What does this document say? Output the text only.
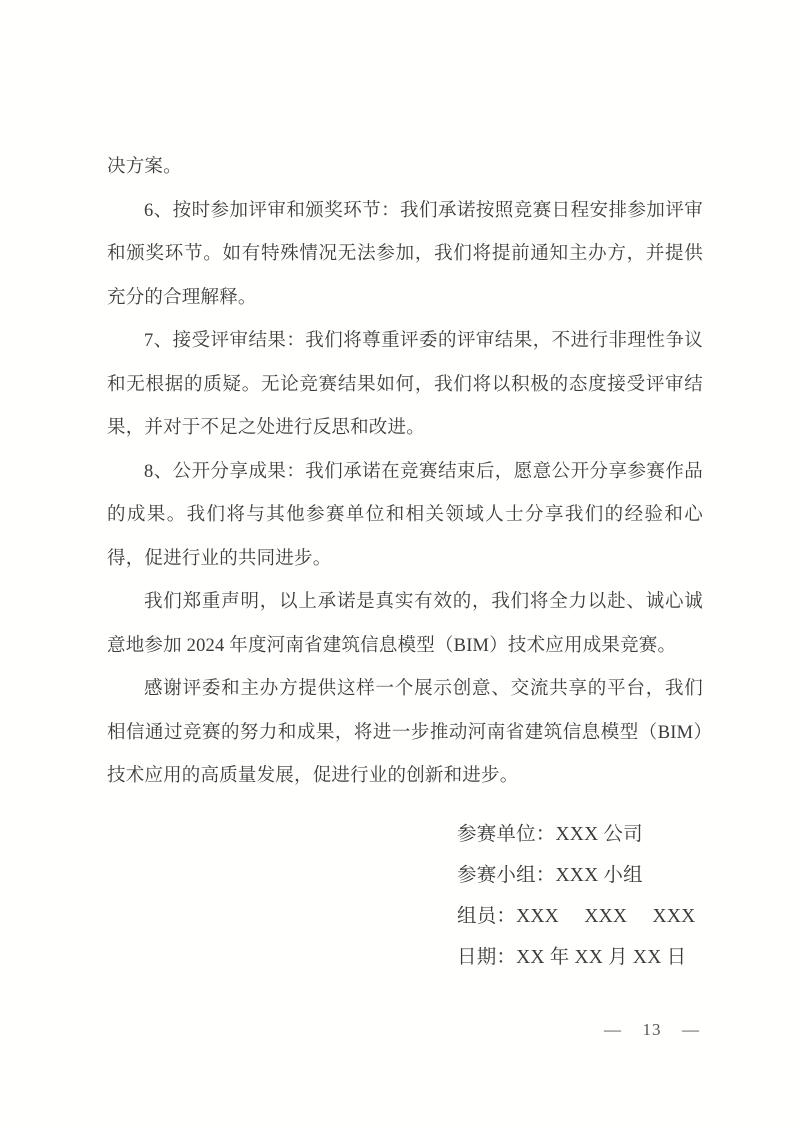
决方案。

6、按时参加评审和颁奖环节：我们承诺按照竞赛日程安排参加评审和颁奖环节。如有特殊情况无法参加，我们将提前通知主办方，并提供充分的合理解释。

7、接受评审结果：我们将尊重评委的评审结果，不进行非理性争议和无根据的质疑。无论竞赛结果如何，我们将以积极的态度接受评审结果，并对于不足之处进行反思和改进。

8、公开分享成果：我们承诺在竞赛结束后，愿意公开分享参赛作品的成果。我们将与其他参赛单位和相关领域人士分享我们的经验和心得，促进行业的共同进步。

我们郑重声明，以上承诺是真实有效的，我们将全力以赴、诚心诚意地参加 2024 年度河南省建筑信息模型（BIM）技术应用成果竞赛。

感谢评委和主办方提供这样一个展示创意、交流共享的平台，我们相信通过竞赛的努力和成果，将进一步推动河南省建筑信息模型（BIM）技术应用的高质量发展，促进行业的创新和进步。

参赛单位：XXX 公司
参赛小组：XXX 小组
组员：XXX     XXX     XXX
日期：XX 年 XX 月 XX 日
—  13  —
